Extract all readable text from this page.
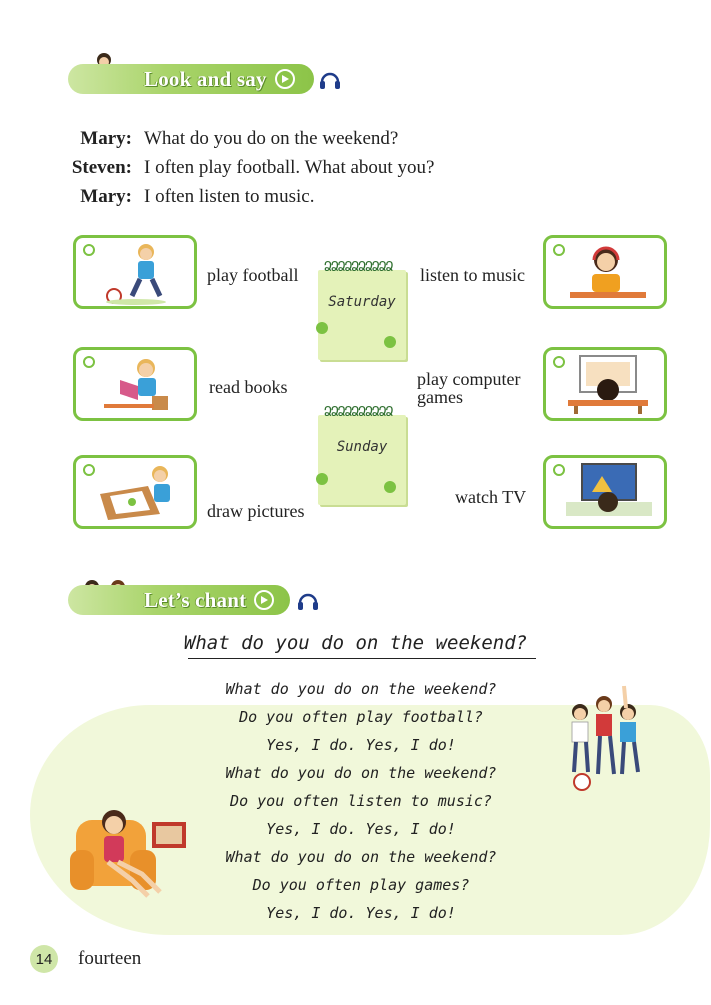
Look and say
Mary: What do you do on the weekend?
Steven: I often play football. What about you?
Mary: I often listen to music.
play football
read books
draw pictures
ՁՁՁՁՁՁՁՁՁՁ
Saturday
ՁՁՁՁՁՁՁՁՁՁ
Sunday
listen to music
play computer
games
watch TV
Let’s chant
What do you do on the weekend?
What do you do on the weekend?
Do you often play football?
Yes, I do. Yes, I do!
What do you do on the weekend?
Do you often listen to music?
Yes, I do. Yes, I do!
What do you do on the weekend?
Do you often play games?
Yes, I do. Yes, I do!
14 fourteen
